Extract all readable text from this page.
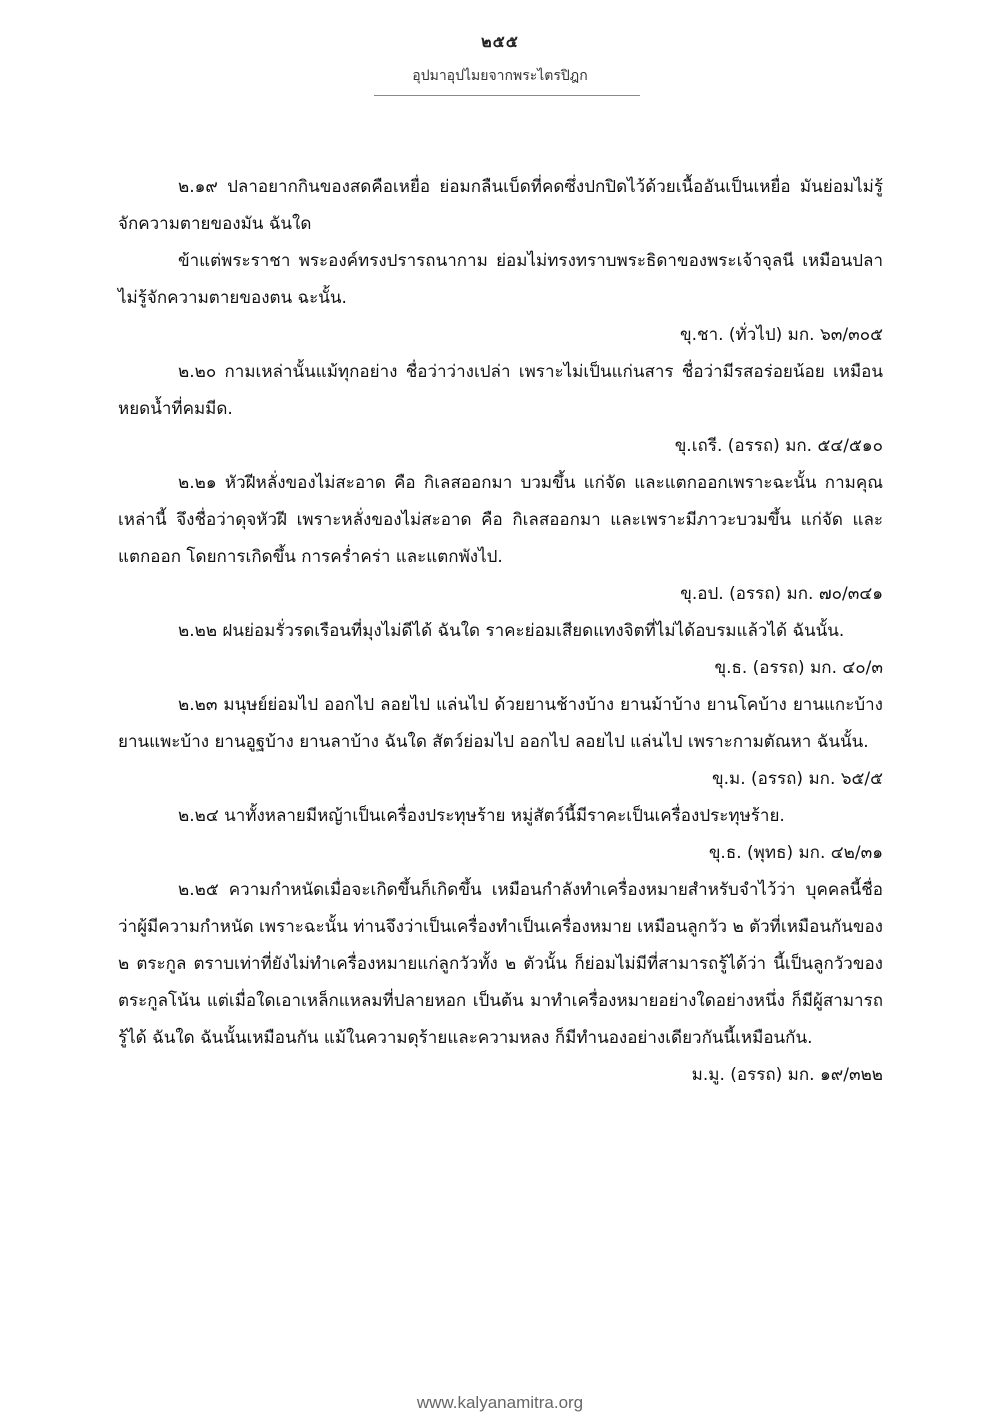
๒๕๕
อุปมาอุปไมยจากพระไตรปิฎก

๒.๑๙ ปลาอยากกินของสดคือเหยื่อ ย่อมกลืนเบ็ดที่คดซึ่งปกปิดไว้ด้วยเนื้ออันเป็นเหยื่อ มันย่อมไม่รู้จักความตายของมัน ฉันใด

ข้าแต่พระราชา พระองค์ทรงปรารถนากาม ย่อมไม่ทรงทราบพระธิดาของพระเจ้าจุลนี เหมือนปลาไม่รู้จักความตายของตน ฉะนั้น.

ขุ.ชา. (ทั่วไป) มก. ๖๓/๓๐๕

๒.๒๐ กามเหล่านั้นแม้ทุกอย่าง ชื่อว่าว่างเปล่า เพราะไม่เป็นแก่นสาร ชื่อว่ามีรสอร่อยน้อย เหมือนหยดน้ำที่คมมีด.

ขุ.เถรี. (อรรถ) มก. ๕๔/๕๑๐

๒.๒๑ หัวฝีหลั่งของไม่สะอาด คือ กิเลสออกมา บวมขึ้น แก่จัด และแตกออกเพราะฉะนั้น กามคุณเหล่านี้ จึงชื่อว่าดุจหัวฝี เพราะหลั่งของไม่สะอาด คือ กิเลสออกมา และเพราะมีภาวะบวมขึ้น แก่จัด และแตกออก โดยการเกิดขึ้น การคร่ำคร่า และแตกพังไป.

ขุ.อป. (อรรถ) มก. ๗๐/๓๔๑

๒.๒๒ ฝนย่อมรั่วรดเรือนที่มุงไม่ดีได้ ฉันใด ราคะย่อมเสียดแทงจิตที่ไม่ได้อบรมแล้วได้ ฉันนั้น.

ขุ.ธ. (อรรถ) มก. ๔๐/๓

๒.๒๓ มนุษย์ย่อมไป ออกไป ลอยไป แล่นไป ด้วยยานช้างบ้าง ยานม้าบ้าง ยานโคบ้าง ยานแกะบ้าง ยานแพะบ้าง ยานอูฐบ้าง ยานลาบ้าง ฉันใด สัตว์ย่อมไป ออกไป ลอยไป แล่นไป เพราะกามตัณหา ฉันนั้น.

ขุ.ม. (อรรถ) มก. ๖๕/๕

๒.๒๔ นาทั้งหลายมีหญ้าเป็นเครื่องประทุษร้าย หมู่สัตว์นี้มีราคะเป็นเครื่องประทุษร้าย.

ขุ.ธ. (พุทธ) มก. ๔๒/๓๑

๒.๒๕ ความกำหนัดเมื่อจะเกิดขึ้นก็เกิดขึ้น เหมือนกำลังทำเครื่องหมายสำหรับจำไว้ว่า บุคคลนี้ชื่อว่าผู้มีความกำหนัด เพราะฉะนั้น ท่านจึงว่าเป็นเครื่องทำเป็นเครื่องหมาย เหมือนลูกวัว ๒ ตัวที่เหมือนกันของ ๒ ตระกูล ตราบเท่าที่ยังไม่ทำเครื่องหมายแก่ลูกวัวทั้ง ๒ ตัวนั้น ก็ย่อมไม่มีที่สามารถรู้ได้ว่า นี้เป็นลูกวัวของตระกูลโน้น แต่เมื่อใดเอาเหล็กแหลมที่ปลายหอก เป็นต้น มาทำเครื่องหมายอย่างใดอย่างหนึ่ง ก็มีผู้สามารถรู้ได้ ฉันใด ฉันนั้นเหมือนกัน แม้ในความดุร้ายและความหลง ก็มีทำนองอย่างเดียวกันนี้เหมือนกัน.

ม.มู. (อรรถ) มก. ๑๙/๓๒๒

www.kalyanamitra.org
